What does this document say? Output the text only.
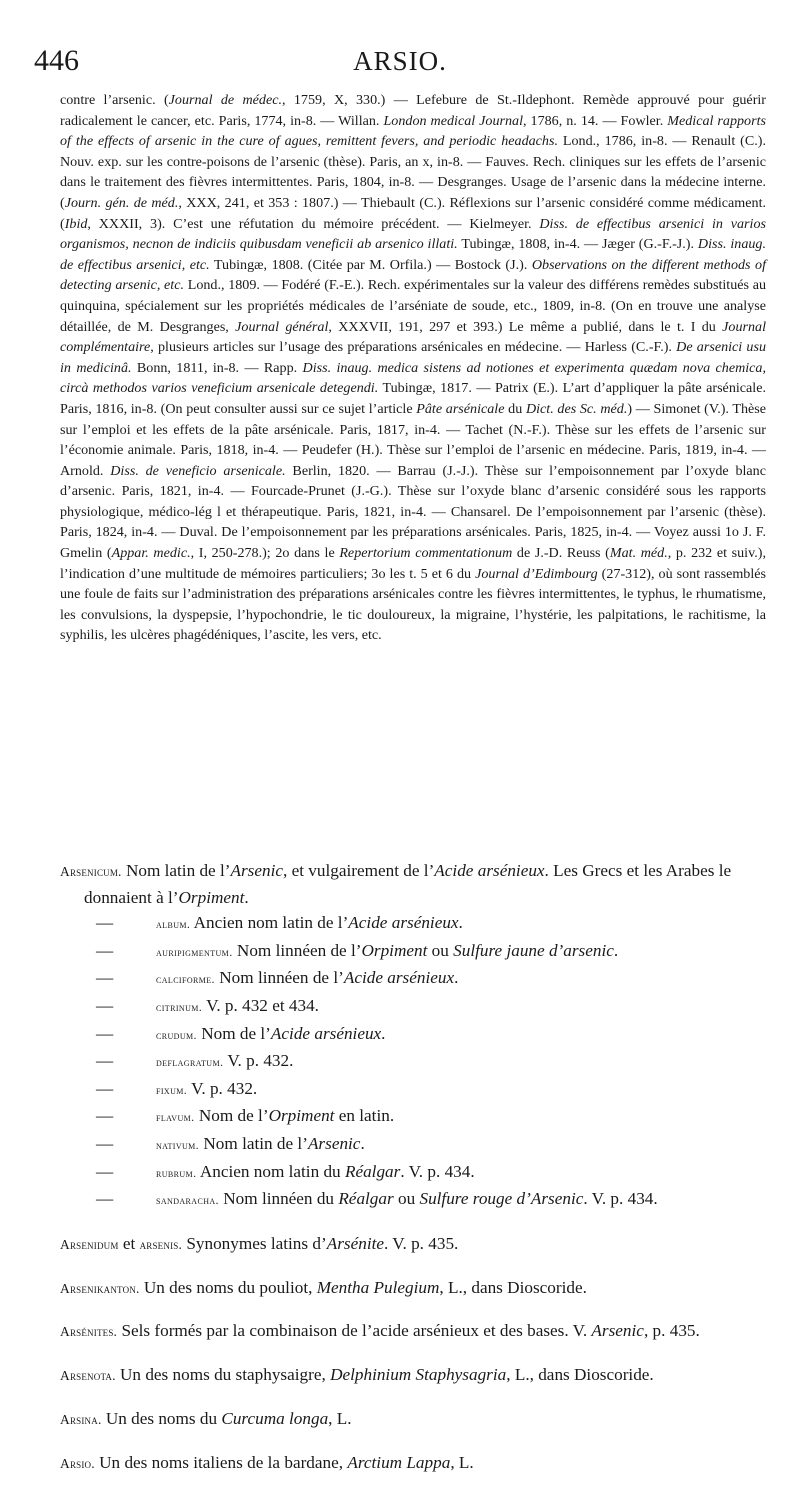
446	ARSIO.
contre l’arsenic. (Journal de médec., 1759, X, 330.) — Lefebure de St.-Ildephont. Remède approuvé pour guérir radicalement le cancer, etc. Paris, 1774, in-8. — Willan. London medical Journal, 1786, n. 14. — Fowler. Medical rapports of the effects of arsenic in the cure of agues, remittent fevers, and periodic headachs. Lond., 1786, in-8. — Renault (C.). Nouv. exp. sur les contre-poisons de l’arsenic (thèse). Paris, an x, in-8. — Fauves. Rech. cliniques sur les effets de l’arsenic dans le traitement des fièvres intermittentes. Paris, 1804, in-8. — Desgranges. Usage de l’arsenic dans la médecine interne. (Journ. gén. de méd., XXX, 241, et 353 : 1807.) — Thiebault (C.). Réflexions sur l’arsenic considéré comme médicament. (Ibid, XXXII, 3). C’est une réfutation du mémoire précédent. — Kielmeyer. Diss. de effectibus arsenici in varios organismos, necnon de indiciis quibusdam veneficii ab arsenico illati. Tubingæ, 1808, in-4. — Jæger (G.-F.-J.). Diss. inaug. de effectibus arsenici, etc. Tubingæ, 1808. (Citée par M. Orfila.) — Bostock (J.). Observations on the different methods of detecting arsenic, etc. Lond., 1809. — Fodéré (F.-E.). Rech. expérimentales sur la valeur des différens remèdes substitués au quinquina, spécialement sur les propriétés médicales de l’arséniate de soude, etc., 1809, in-8. (On en trouve une analyse détaillée, de M. Desgranges, Journal général, XXXVII, 191, 297 et 393.) Le même a publié, dans le t. I du Journal complémentaire, plusieurs articles sur l’usage des préparations arsénicales en médecine. — Harless (C.-F.). De arsenici usu in medicinâ. Bonn, 1811, in-8. — Rapp. Diss. inaug. medica sistens ad notiones et experimenta quædam nova chemica, circà methodos varios veneficium arsenicale detegendi. Tubingæ, 1817. — Patrix (E.). L’art d’appliquer la pâte arsénicale. Paris, 1816, in-8. (On peut consulter aussi sur ce sujet l’article Pâte arsénicale du Dict. des Sc. méd.) — Simonet (V.). Thèse sur l’emploi et les effets de la pâte arsénicale. Paris, 1817, in-4. — Tachet (N.-F.). Thèse sur les effets de l’arsenic sur l’économie animale. Paris, 1818, in-4. — Peudefer (H.). Thèse sur l’emploi de l’arsenic en médecine. Paris, 1819, in-4. — Arnold. Diss. de veneficio arsenicale. Berlin, 1820. — Barrau (J.-J.). Thèse sur l’empoisonnement par l’oxyde blanc d’arsenic. Paris, 1821, in-4. — Fourcade-Prunet (J.-G.). Thèse sur l’oxyde blanc d’arsenic considéré sous les rapports physiologique, médico-lég l et thérapeutique. Paris, 1821, in-4. — Chansarel. De l’empoisonnement par l’arsenic (thèse). Paris, 1824, in-4. — Duval. De l’empoisonnement par les préparations arsénicales. Paris, 1825, in-4. — Voyez aussi 1o J. F. Gmelin (Appar. medic., I, 250-278.); 2o dans le Repertorium commentationum de J.-D. Reuss (Mat. méd., p. 232 et suiv.), l’indication d’une multitude de mémoires particuliers; 3o les t. 5 et 6 du Journal d’Edimbourg (27-312), où sont rassemblés une foule de faits sur l’administration des préparations arsénicales contre les fièvres intermittentes, le typhus, le rhumatisme, les convulsions, la dyspepsie, l’hypochondrie, le tic douloureux, la migraine, l’hystérie, les palpitations, le rachitisme, la syphilis, les ulcères phagédéniques, l’ascite, les vers, etc.

Arsenicum. Nom latin de l’Arsenic, et vulgairement de l’Acide arsénieux. Les Grecs et les Arabes le donnaient à l’Orpiment.

—	album. Ancien nom latin de l’Acide arsénieux.
—	auripigmentum. Nom linnéen de l’Orpiment ou Sulfure jaune d’arsenic.
—	calciforme. Nom linnéen de l’Acide arsénieux.
—	citrinum. V. p. 432 et 434.
—	crudum. Nom de l’Acide arsénieux.
—	deflagratum. V. p. 432.
—	fixum. V. p. 432.
—	flavum. Nom de l’Orpiment en latin.
—	nativum. Nom latin de l’Arsenic.
—	rubrum. Ancien nom latin du Réalgar. V. p. 434.
—	sandaracha. Nom linnéen du Réalgar ou Sulfure rouge d’Arsenic. V. p. 434.

Arsenidum et arsenis. Synonymes latins d’Arsénite. V. p. 435.

Arsenikanton. Un des noms du pouliot, Mentha Pulegium, L., dans Dioscoride.

Arsénites. Sels formés par la combinaison de l’acide arsénieux et des bases. V. Arsenic, p. 435.

Arsenota. Un des noms du staphysaigre, Delphinium Staphysagria, L., dans Dioscoride.

Arsina. Un des noms du Curcuma longa, L.

Arsio. Un des noms italiens de la bardane, Arctium Lappa, L.
